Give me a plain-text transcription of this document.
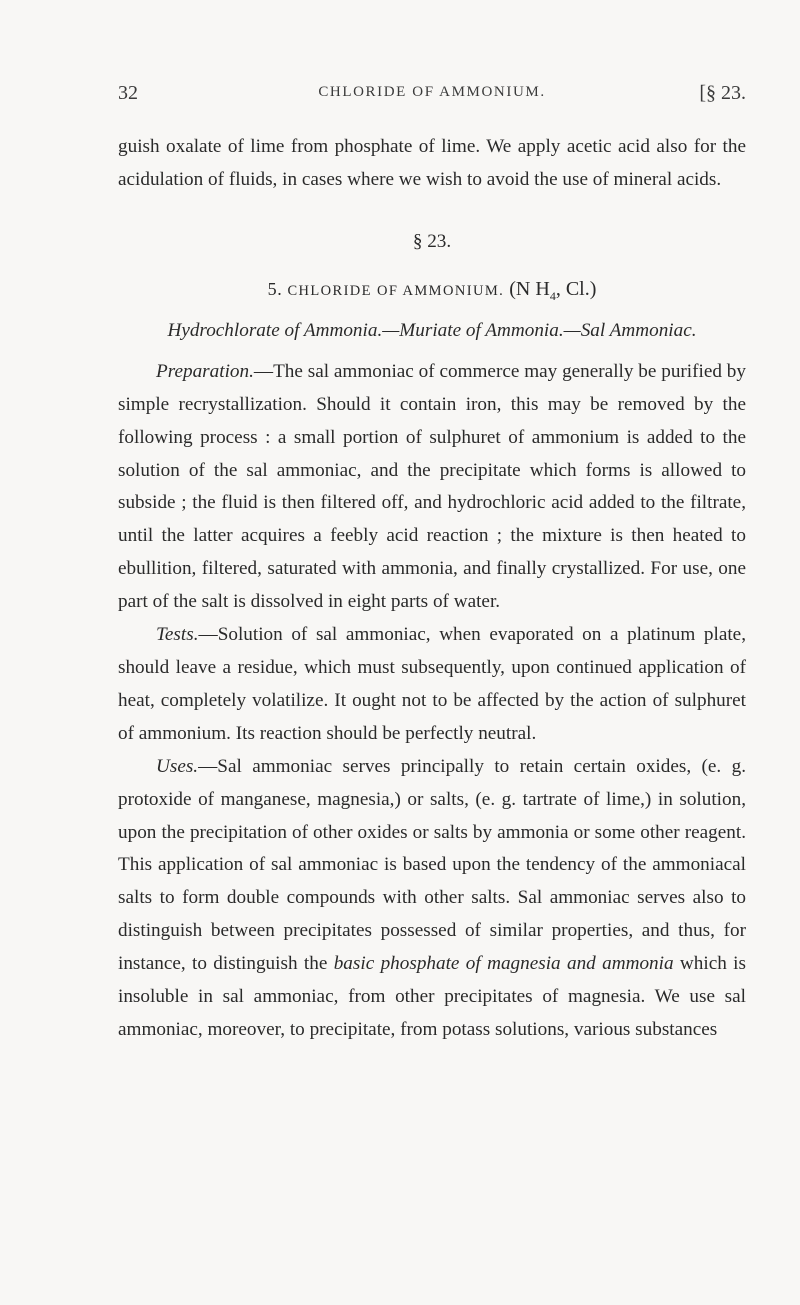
32	CHLORIDE OF AMMONIUM.	[§ 23.

guish oxalate of lime from phosphate of lime. We apply acetic acid also for the acidulation of fluids, in cases where we wish to avoid the use of mineral acids.

§ 23.
5. CHLORIDE OF AMMONIUM. (N $H_4$, Cl.)
Hydrochlorate of Ammonia.—Muriate of Ammonia.—Sal Ammoniac.

Preparation.—The sal ammoniac of commerce may generally be purified by simple recrystallization. Should it contain iron, this may be removed by the following process : a small portion of sulphuret of ammonium is added to the solution of the sal ammoniac, and the precipitate which forms is allowed to subside ; the fluid is then filtered off, and hydrochloric acid added to the filtrate, until the latter acquires a feebly acid reaction ; the mixture is then heated to ebullition, filtered, saturated with ammonia, and finally crystallized. For use, one part of the salt is dissolved in eight parts of water.

Tests.—Solution of sal ammoniac, when evaporated on a platinum plate, should leave a residue, which must subsequently, upon continued application of heat, completely volatilize. It ought not to be affected by the action of sulphuret of ammonium. Its reaction should be perfectly neutral.

Uses.—Sal ammoniac serves principally to retain certain oxides, (e. g. protoxide of manganese, magnesia,) or salts, (e. g. tartrate of lime,) in solution, upon the precipitation of other oxides or salts by ammonia or some other reagent. This application of sal ammoniac is based upon the tendency of the ammoniacal salts to form double compounds with other salts. Sal ammoniac serves also to distinguish between precipitates possessed of similar properties, and thus, for instance, to distinguish the basic phosphate of magnesia and ammonia which is insoluble in sal ammoniac, from other precipitates of magnesia. We use sal ammoniac, moreover, to precipitate, from potass solutions, various substances
